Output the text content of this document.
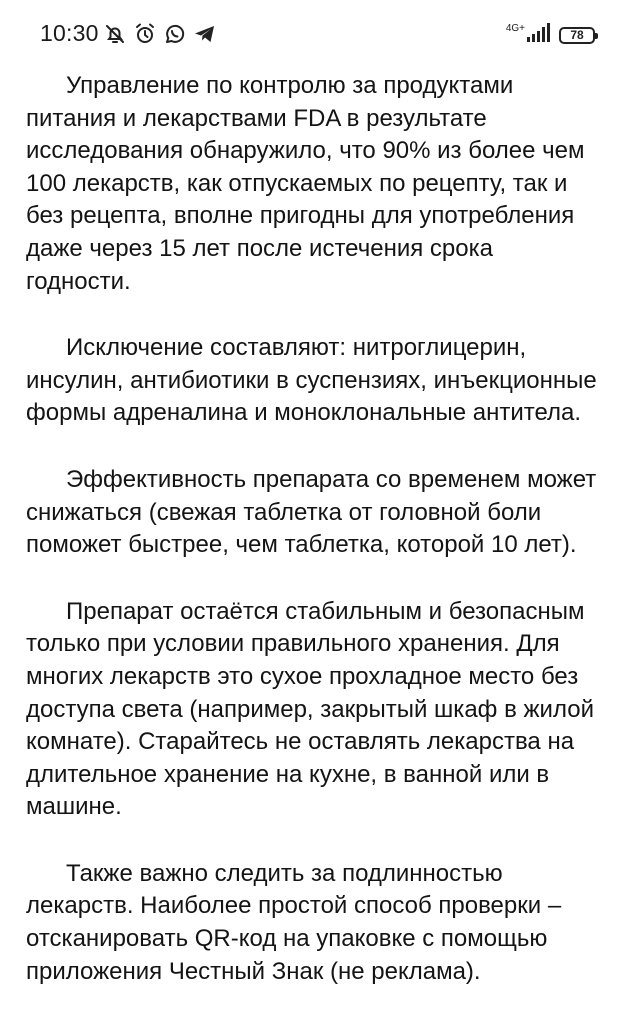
10:30	4G+	78

Управление по контролю за продуктами питания и лекарствами FDA в результате исследования обнаружило, что 90% из более чем 100 лекарств, как отпускаемых по рецепту, так и без рецепта, вполне пригодны для употребления даже через 15 лет после истечения срока годности.

Исключение составляют: нитроглицерин, инсулин, антибиотики в суспензиях, инъекционные формы адреналина и моноклональные антитела.

Эффективность препарата со временем может снижаться (свежая таблетка от головной боли поможет быстрее, чем таблетка, которой 10 лет).

Препарат остаётся стабильным и безопасным только при условии правильного хранения. Для многих лекарств это сухое прохладное место без доступа света (например, закрытый шкаф в жилой комнате). Старайтесь не оставлять лекарства на длительное хранение на кухне, в ванной или в машине.

Также важно следить за подлинностью лекарств. Наиболее простой способ проверки – отсканировать QR-код на упаковке с помощью приложения Честный Знак (не реклама).
